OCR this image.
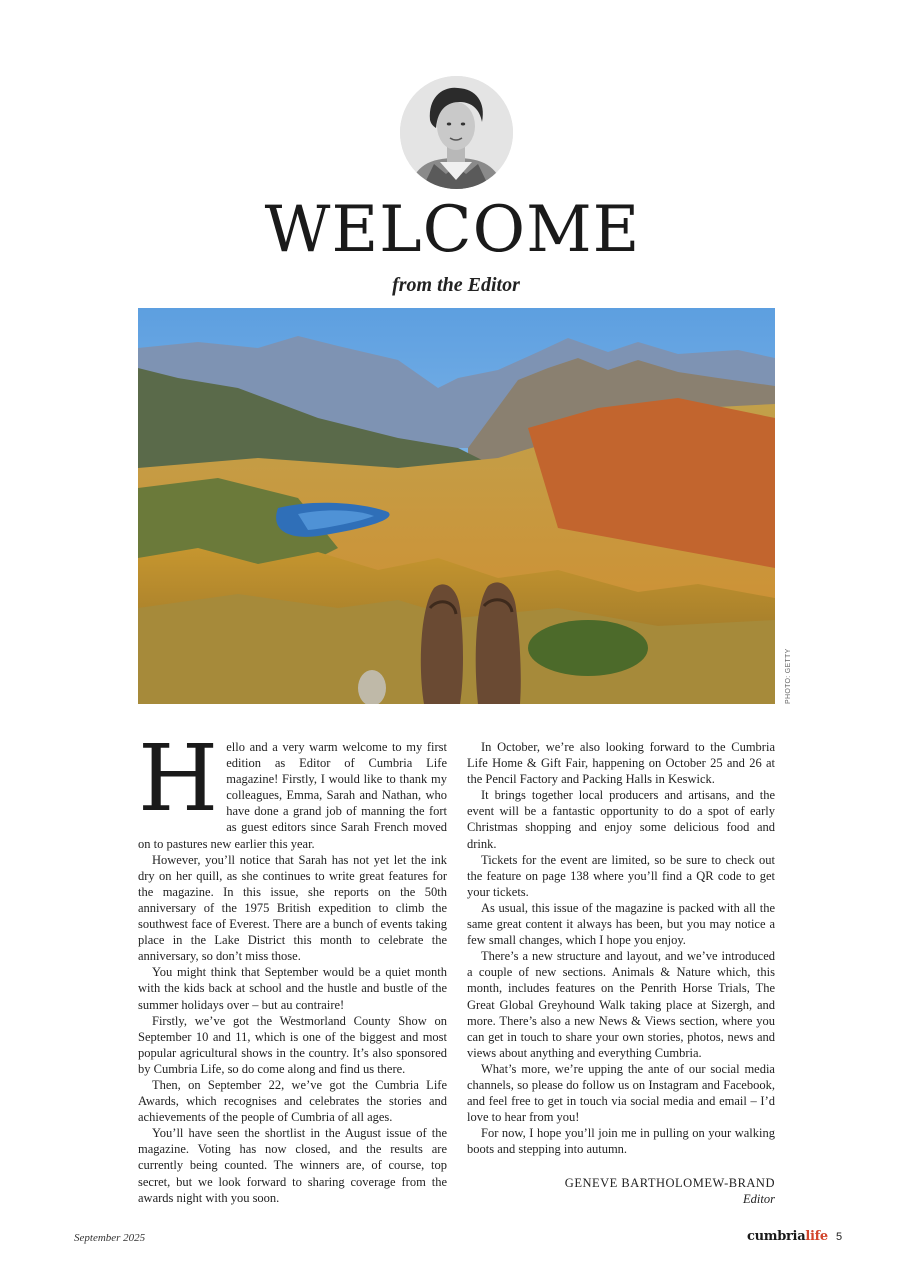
WELCOME
from the Editor
PHOTO: GETTY
H ello and a very warm welcome to my first edition as Editor of Cumbria Life magazine! Firstly, I would like to thank my colleagues, Emma, Sarah and Nathan, who have done a grand job of manning the fort as guest editors since Sarah French moved on to pastures new earlier this year.

However, you’ll notice that Sarah has not yet let the ink dry on her quill, as she continues to write great features for the magazine. In this issue, she reports on the 50th anniversary of the 1975 British expedition to climb the southwest face of Everest. There are a bunch of events taking place in the Lake District this month to celebrate the anniversary, so don’t miss those.

You might think that September would be a quiet month with the kids back at school and the hustle and bustle of the summer holidays over – but au contraire!

Firstly, we’ve got the Westmorland County Show on September 10 and 11, which is one of the biggest and most popular agricultural shows in the country. It’s also sponsored by Cumbria Life, so do come along and find us there.

Then, on September 22, we’ve got the Cumbria Life Awards, which recognises and celebrates the stories and achievements of the people of Cumbria of all ages.

You’ll have seen the shortlist in the August issue of the magazine. Voting has now closed, and the results are currently being counted. The winners are, of course, top secret, but we look forward to sharing coverage from the awards night with you soon.

In October, we’re also looking forward to the Cumbria Life Home & Gift Fair, happening on October 25 and 26 at the Pencil Factory and Packing Halls in Keswick.

It brings together local producers and artisans, and the event will be a fantastic opportunity to do a spot of early Christmas shopping and enjoy some delicious food and drink.

Tickets for the event are limited, so be sure to check out the feature on page 138 where you’ll find a QR code to get your tickets.

As usual, this issue of the magazine is packed with all the same great content it always has been, but you may notice a few small changes, which I hope you enjoy.

There’s a new structure and layout, and we’ve introduced a couple of new sections. Animals & Nature which, this month, includes features on the Penrith Horse Trials, The Great Global Greyhound Walk taking place at Sizergh, and more. There’s also a new News & Views section, where you can get in touch to share your own stories, photos, news and views about anything and everything Cumbria.

What’s more, we’re upping the ante of our social media channels, so please do follow us on Instagram and Facebook, and feel free to get in touch via social media and email – I’d love to hear from you!

For now, I hope you’ll join me in pulling on your walking boots and stepping into autumn.

GENEVE BARTHOLOMEW-BRAND
Editor
September 2025	cumbrialife 5
